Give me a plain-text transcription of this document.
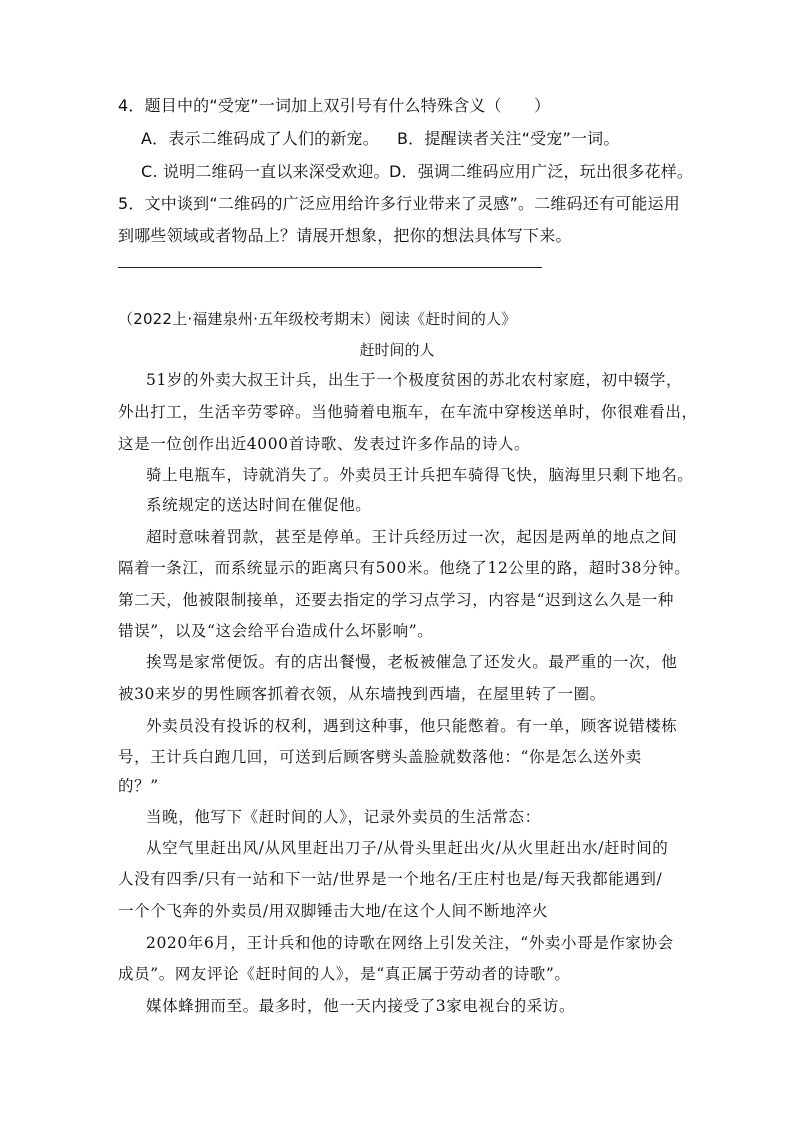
4．题目中的“受宠”一词加上双引号有什么特殊含义（　　）
A．表示二维码成了人们的新宠。 B．提醒读者关注“受宠”一词。
C. 说明二维码一直以来深受欢迎。 D．强调二维码应用广泛，玩出很多花样。
5．文中谈到“二维码的广泛应用给许多行业带来了灵感”。二维码还有可能运用
到哪些领域或者物品上？请展开想象，把你的想法具体写下来。
（2022上·福建泉州·五年级校考期末）阅读《赶时间的人》
赶时间的人
51岁的外卖大叔王计兵，出生于一个极度贫困的苏北农村家庭，初中辍学，
外出打工，生活辛劳零碎。当他骑着电瓶车，在车流中穿梭送单时，你很难看出，
这是一位创作出近4000首诗歌、发表过许多作品的诗人。
骑上电瓶车，诗就消失了。外卖员王计兵把车骑得飞快，脑海里只剩下地名。
系统规定的送达时间在催促他。
超时意味着罚款，甚至是停单。王计兵经历过一次，起因是两单的地点之间
隔着一条江，而系统显示的距离只有500米。他绕了12公里的路，超时38分钟。
第二天，他被限制接单，还要去指定的学习点学习，内容是“迟到这么久是一种
错误”，以及“这会给平台造成什么坏影响”。
挨骂是家常便饭。有的店出餐慢，老板被催急了还发火。最严重的一次，他
被30来岁的男性顾客抓着衣领，从东墙拽到西墙，在屋里转了一圈。
外卖员没有投诉的权利，遇到这种事，他只能憋着。有一单，顾客说错楼栋
号，王计兵白跑几回，可送到后顾客劈头盖脸就数落他：“你是怎么送外卖
的？”
当晚，他写下《赶时间的人》，记录外卖员的生活常态：
从空气里赶出风/从风里赶出刀子/从骨头里赶出火/从火里赶出水/赶时间的
人没有四季/只有一站和下一站/世界是一个地名/王庄村也是/每天我都能遇到/
一个个飞奔的外卖员/用双脚锤击大地/在这个人间不断地淬火
2020年6月，王计兵和他的诗歌在网络上引发关注，“外卖小哥是作家协会
成员”。网友评论《赶时间的人》，是“真正属于劳动者的诗歌”。
媒体蜂拥而至。最多时，他一天内接受了3家电视台的采访。
